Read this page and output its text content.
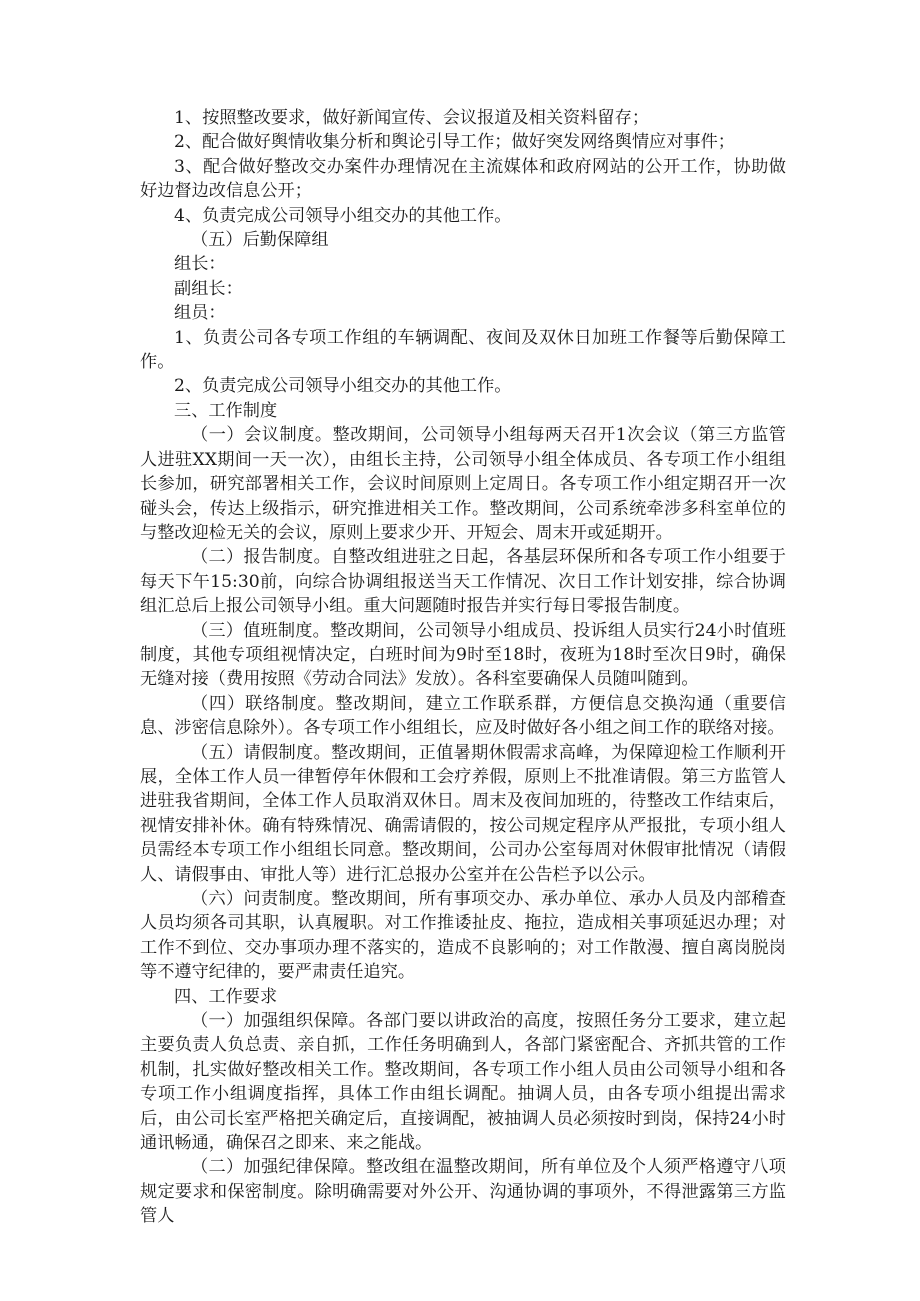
1、按照整改要求，做好新闻宣传、会议报道及相关资料留存；

2、配合做好舆情收集分析和舆论引导工作；做好突发网络舆情应对事件；

3、配合做好整改交办案件办理情况在主流媒体和政府网站的公开工作，协助做好边督边改信息公开；

4、负责完成公司领导小组交办的其他工作。

（五）后勤保障组

组长：

副组长：

组员：

1、负责公司各专项工作组的车辆调配、夜间及双休日加班工作餐等后勤保障工作。

2、负责完成公司领导小组交办的其他工作。

三、工作制度

（一）会议制度。整改期间，公司领导小组每两天召开1次会议（第三方监管人进驻XX期间一天一次），由组长主持，公司领导小组全体成员、各专项工作小组组长参加，研究部署相关工作，会议时间原则上定周日。各专项工作小组定期召开一次碰头会，传达上级指示，研究推进相关工作。整改期间，公司系统牵涉多科室单位的与整改迎检无关的会议，原则上要求少开、开短会、周末开或延期开。

（二）报告制度。自整改组进驻之日起，各基层环保所和各专项工作小组要于每天下午15:30前，向综合协调组报送当天工作情况、次日工作计划安排，综合协调组汇总后上报公司领导小组。重大问题随时报告并实行每日零报告制度。

（三）值班制度。整改期间，公司领导小组成员、投诉组人员实行24小时值班制度，其他专项组视情决定，白班时间为9时至18时，夜班为18时至次日9时，确保无缝对接（费用按照《劳动合同法》发放）。各科室要确保人员随叫随到。

（四）联络制度。整改期间，建立工作联系群，方便信息交换沟通（重要信息、涉密信息除外）。各专项工作小组组长，应及时做好各小组之间工作的联络对接。

（五）请假制度。整改期间，正值暑期休假需求高峰，为保障迎检工作顺利开展，全体工作人员一律暂停年休假和工会疗养假，原则上不批准请假。第三方监管人进驻我省期间，全体工作人员取消双休日。周末及夜间加班的，待整改工作结束后，视情安排补休。确有特殊情况、确需请假的，按公司规定程序从严报批，专项小组人员需经本专项工作小组组长同意。整改期间，公司办公室每周对休假审批情况（请假人、请假事由、审批人等）进行汇总报办公室并在公告栏予以公示。

（六）问责制度。整改期间，所有事项交办、承办单位、承办人员及内部稽查人员均须各司其职，认真履职。对工作推诿扯皮、拖拉，造成相关事项延迟办理；对工作不到位、交办事项办理不落实的，造成不良影响的；对工作散漫、擅自离岗脱岗等不遵守纪律的，要严肃责任追究。

四、工作要求

（一）加强组织保障。各部门要以讲政治的高度，按照任务分工要求，建立起主要负责人负总责、亲自抓，工作任务明确到人，各部门紧密配合、齐抓共管的工作机制，扎实做好整改相关工作。整改期间，各专项工作小组人员由公司领导小组和各专项工作小组调度指挥，具体工作由组长调配。抽调人员，由各专项小组提出需求后，由公司长室严格把关确定后，直接调配，被抽调人员必须按时到岗，保持24小时通讯畅通，确保召之即来、来之能战。

（二）加强纪律保障。整改组在温整改期间，所有单位及个人须严格遵守八项规定要求和保密制度。除明确需要对外公开、沟通协调的事项外，不得泄露第三方监管人
